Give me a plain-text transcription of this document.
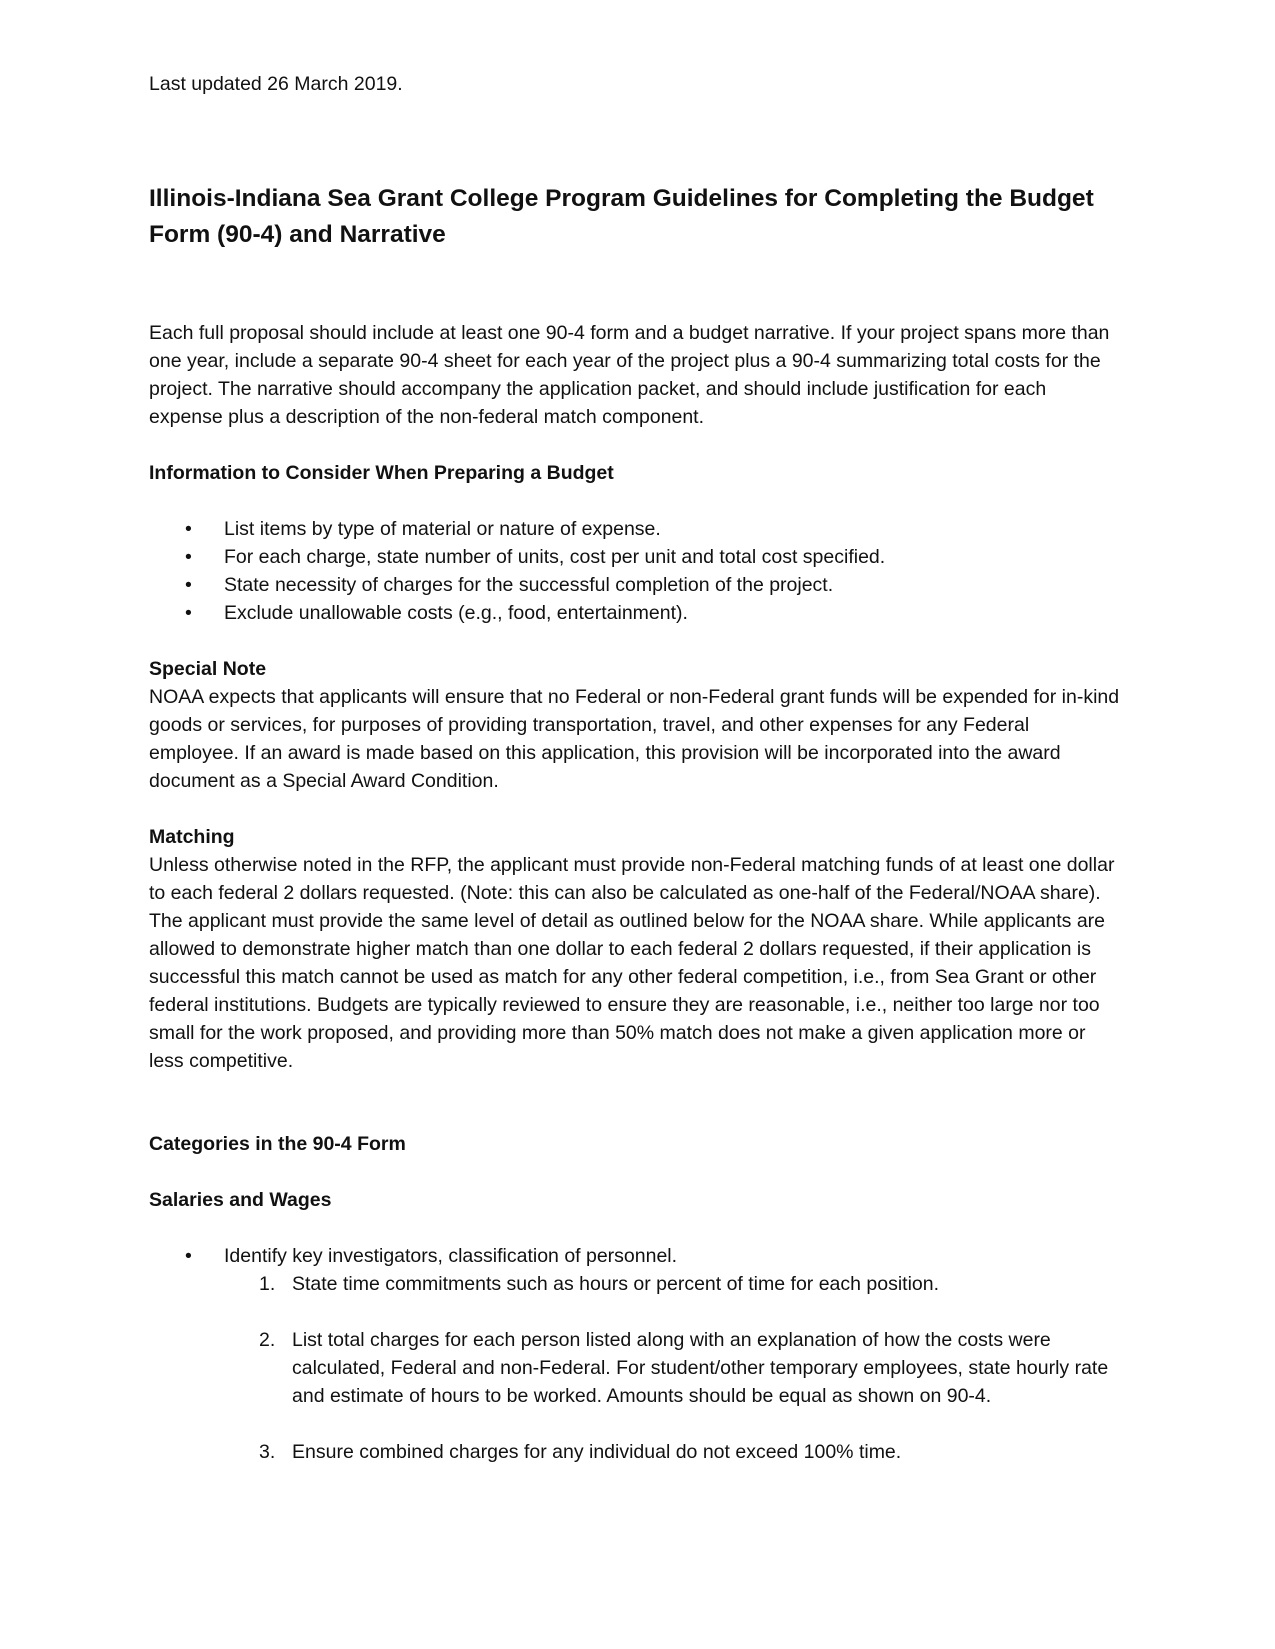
Last updated 26 March 2019.

Illinois-Indiana Sea Grant College Program Guidelines for Completing the Budget Form (90-4) and Narrative

Each full proposal should include at least one 90-4 form and a budget narrative. If your project spans more than one year, include a separate 90-4 sheet for each year of the project plus a 90-4 summarizing total costs for the project. The narrative should accompany the application packet, and should include justification for each expense plus a description of the non-federal match component.

Information to Consider When Preparing a Budget

• List items by type of material or nature of expense.
• For each charge, state number of units, cost per unit and total cost specified.
• State necessity of charges for the successful completion of the project.
• Exclude unallowable costs (e.g., food, entertainment).
Special Note
NOAA expects that applicants will ensure that no Federal or non-Federal grant funds will be expended for in-kind goods or services, for purposes of providing transportation, travel, and other expenses for any Federal employee. If an award is made based on this application, this provision will be incorporated into the award document as a Special Award Condition.
Matching
Unless otherwise noted in the RFP, the applicant must provide non-Federal matching funds of at least one dollar to each federal 2 dollars requested. (Note: this can also be calculated as one-half of the Federal/NOAA share). The applicant must provide the same level of detail as outlined below for the NOAA share. While applicants are allowed to demonstrate higher match than one dollar to each federal 2 dollars requested, if their application is successful this match cannot be used as match for any other federal competition, i.e., from Sea Grant or other federal institutions. Budgets are typically reviewed to ensure they are reasonable, i.e., neither too large nor too small for the work proposed, and providing more than 50% match does not make a given application more or less competitive.

Categories in the 90-4 Form

Salaries and Wages

• Identify key investigators, classification of personnel.
1. State time commitments such as hours or percent of time for each position.
2. List total charges for each person listed along with an explanation of how the costs were calculated, Federal and non-Federal. For student/other temporary employees, state hourly rate and estimate of hours to be worked. Amounts should be equal as shown on 90-4.
3. Ensure combined charges for any individual do not exceed 100% time.
